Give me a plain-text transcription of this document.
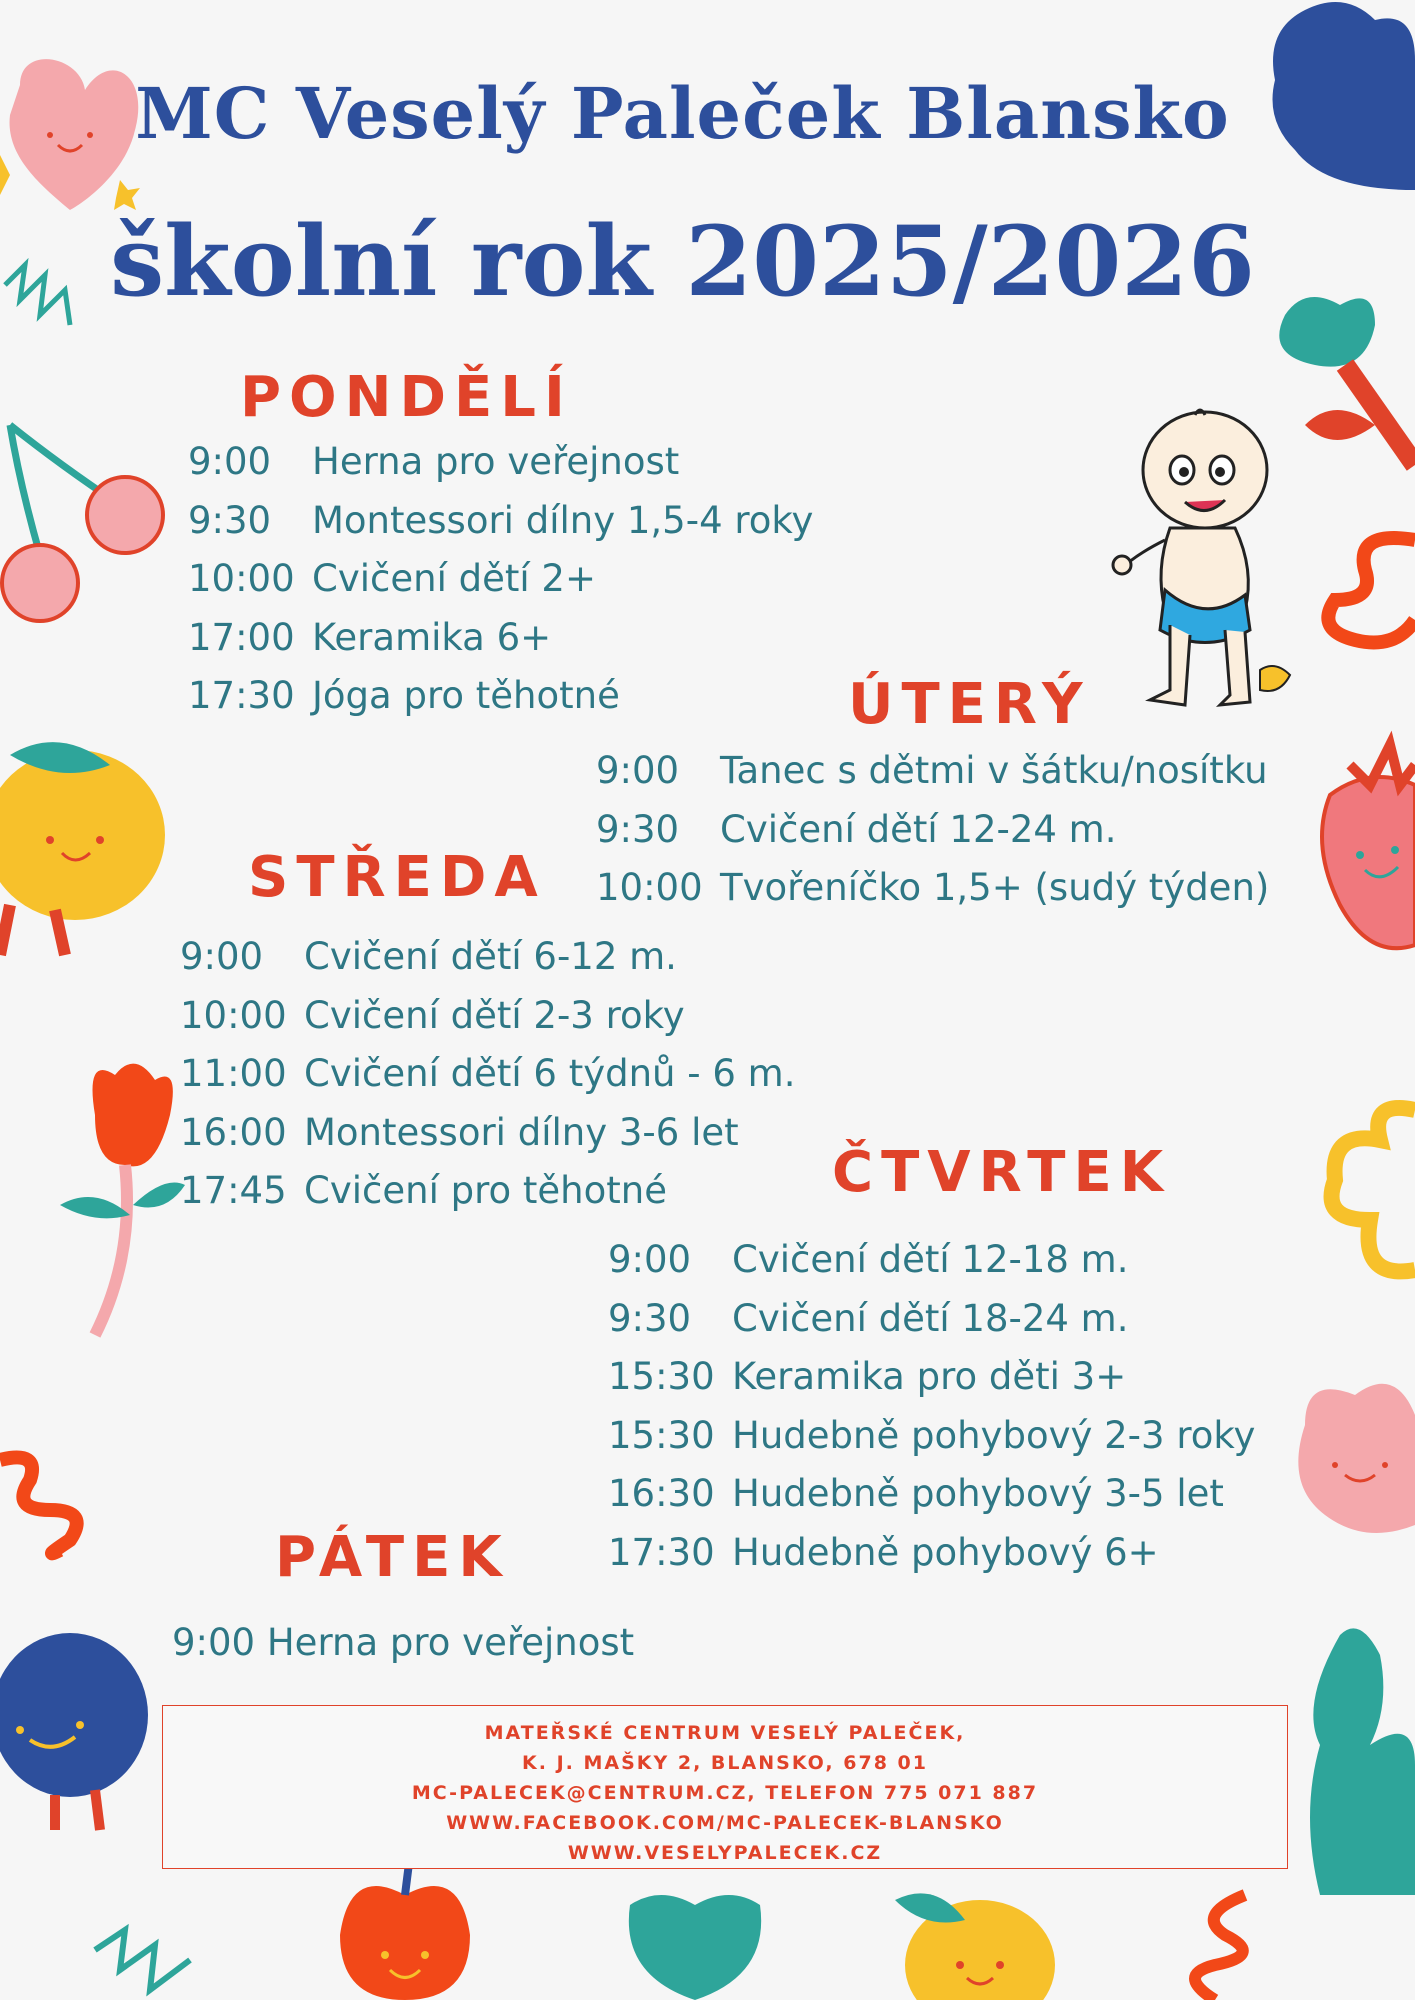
MC Veselý Paleček Blansko
školní rok 2025/2026
PONDĚLÍ
9:00 Herna pro veřejnost
9:30 Montessori dílny 1,5-4 roky
10:00 Cvičení dětí 2+
17:00 Keramika 6+
17:30 Jóga pro těhotné	ÚTERÝ
9:00 Tanec s dětmi v šátku/nosítku
9:30 Cvičení dětí 12-24 m.
10:00 Tvořeníčko 1,5+ (sudý týden)
STŘEDA
9:00 Cvičení dětí 6-12 m.
10:00 Cvičení dětí 2-3 roky
11:00 Cvičení dětí 6 týdnů - 6 m.
16:00 Montessori dílny 3-6 let
17:45 Cvičení pro těhotné	ČTVRTEK
9:00 Cvičení dětí 12-18 m.
9:30 Cvičení dětí 18-24 m.
15:30 Keramika pro děti 3+
15:30 Hudebně pohybový 2-3 roky
16:30 Hudebně pohybový 3-5 let
17:30 Hudebně pohybový 6+
PÁTEK
9:00 Herna pro veřejnost
MATEŘSKÉ CENTRUM VESELÝ PALEČEK,
K. J. MAŠKY 2, BLANSKO, 678 01
MC-PALECEK@CENTRUM.CZ, TELEFON 775 071 887
WWW.FACEBOOK.COM/MC-PALECEK-BLANSKO
WWW.VESELYPALECEK.CZ
